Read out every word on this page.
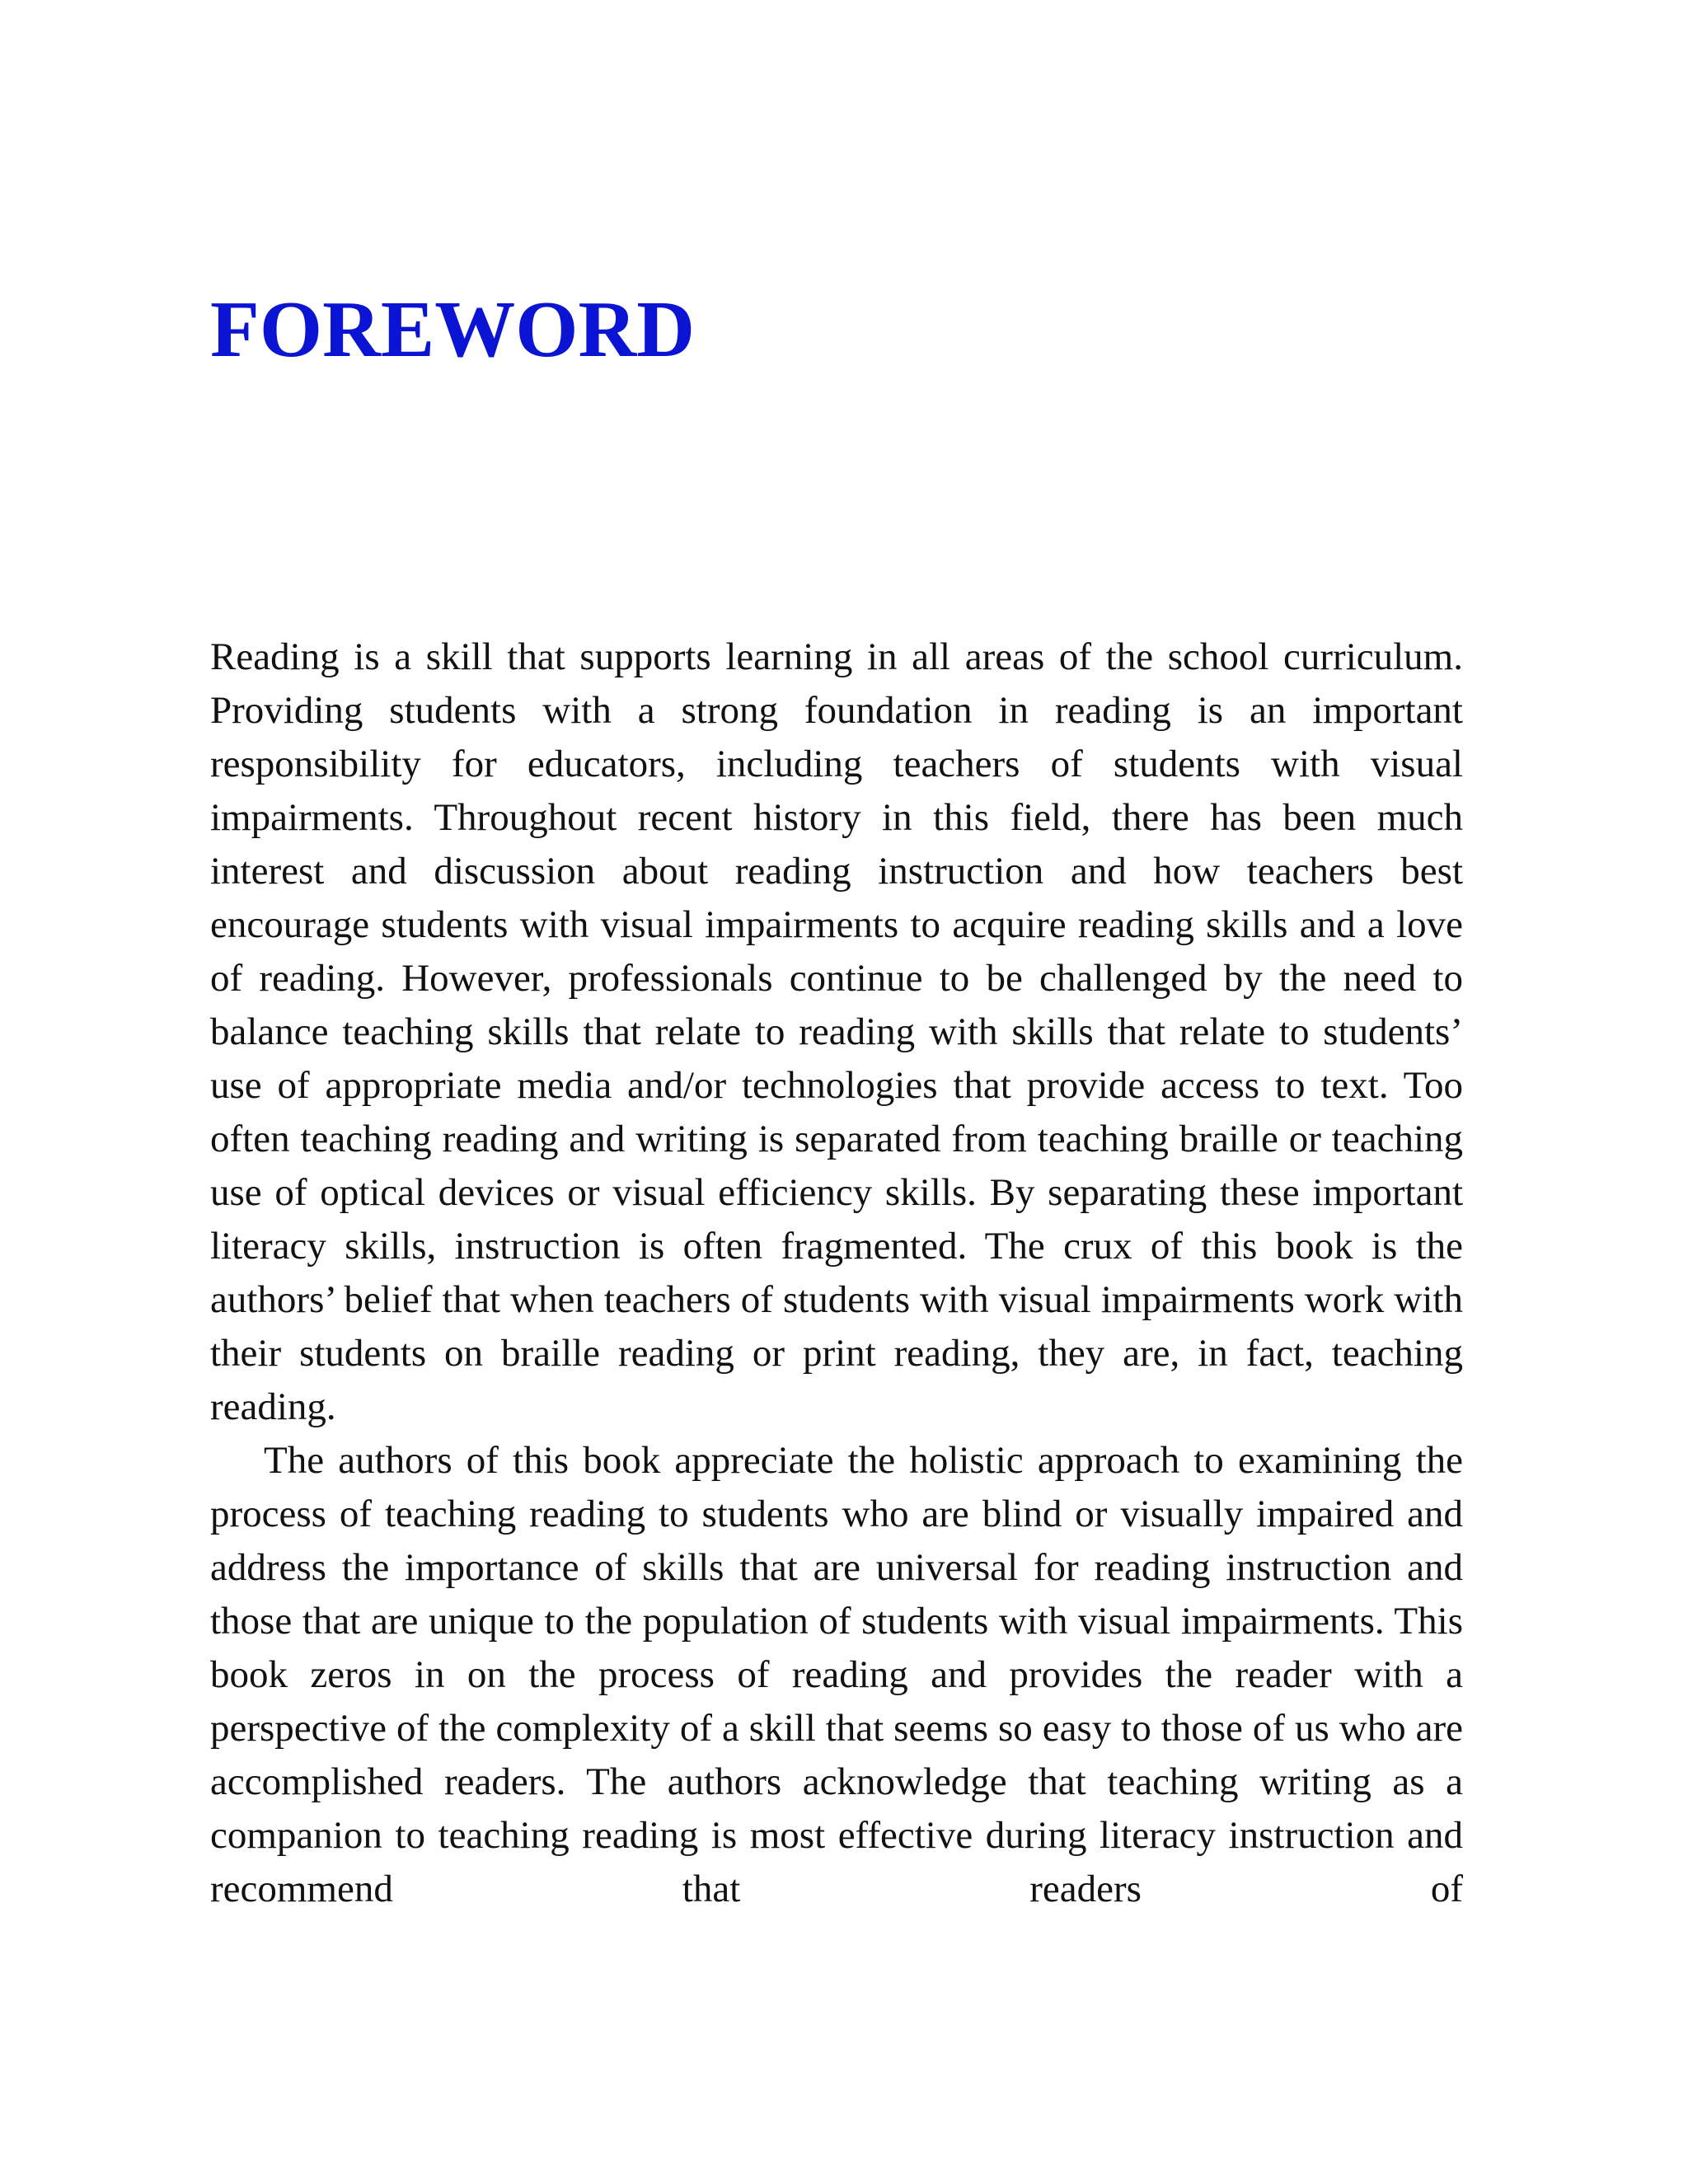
FOREWORD

Reading is a skill that supports learning in all areas of the school curriculum. Providing students with a strong foundation in reading is an important responsibility for educators, including teachers of students with visual impairments. Throughout recent history in this field, there has been much interest and discussion about reading instruction and how teachers best encourage students with visual impairments to acquire reading skills and a love of reading. However, professionals continue to be challenged by the need to balance teaching skills that relate to reading with skills that relate to students’ use of appropriate media and/or technologies that provide access to text. Too often teaching reading and writing is separated from teaching braille or teaching use of optical devices or visual efficiency skills. By separating these important literacy skills, instruction is often fragmented. The crux of this book is the authors’ belief that when teachers of students with visual impairments work with their students on braille reading or print reading, they are, in fact, teaching reading.

The authors of this book appreciate the holistic approach to examining the process of teaching reading to students who are blind or visually impaired and address the importance of skills that are universal for reading instruction and those that are unique to the population of students with visual impairments. This book zeros in on the process of reading and provides the reader with a perspective of the complexity of a skill that seems so easy to those of us who are accomplished readers. The authors acknowledge that teaching writing as a companion to teaching reading is most effective during literacy instruction and recommend that readers of
